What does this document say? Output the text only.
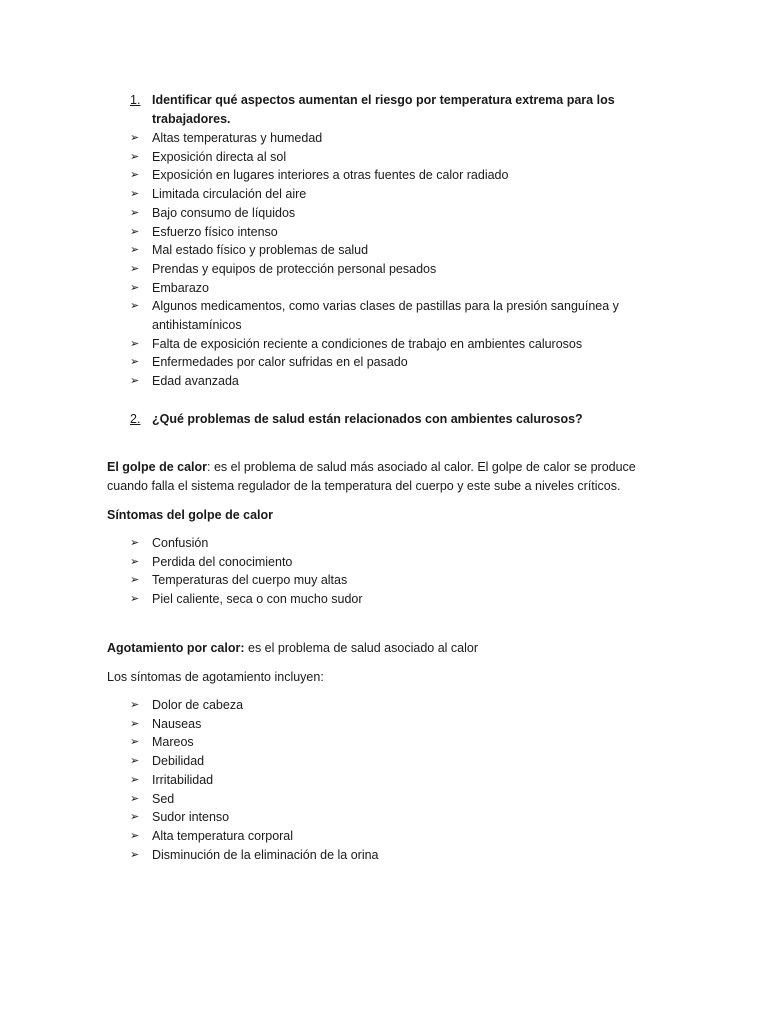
1. Identificar qué aspectos aumentan el riesgo por temperatura extrema para los
trabajadores.
➢	Altas temperaturas y humedad
➢	Exposición directa al sol
➢	Exposición en lugares interiores a otras fuentes de calor radiado
➢	Limitada circulación del aire
➢	Bajo consumo de líquidos
➢	Esfuerzo físico intenso
➢	Mal estado físico y problemas de salud
➢	Prendas y equipos de protección personal pesados
➢	Embarazo
➢	Algunos medicamentos, como varias clases de pastillas para la presión sanguínea y antihistamínicos
➢	Falta de exposición reciente a condiciones de trabajo en ambientes calurosos
➢	Enfermedades por calor sufridas en el pasado
➢	Edad avanzada
2. ¿Qué problemas de salud están relacionados con ambientes calurosos?

El golpe de calor: es el problema de salud más asociado al calor. El golpe de calor se produce cuando falla el sistema regulador de la temperatura del cuerpo y este sube a niveles críticos.

Síntomas del golpe de calor

➢	Confusión
➢	Perdida del conocimiento
➢	Temperaturas del cuerpo muy altas
➢	Piel caliente, seca o con mucho sudor

Agotamiento por calor: es el problema de salud asociado al calor

Los síntomas de agotamiento incluyen:

➢	Dolor de cabeza
➢	Nauseas
➢	Mareos
➢	Debilidad
➢	Irritabilidad
➢	Sed
➢	Sudor intenso
➢	Alta temperatura corporal
➢	Disminución de la eliminación de la orina
